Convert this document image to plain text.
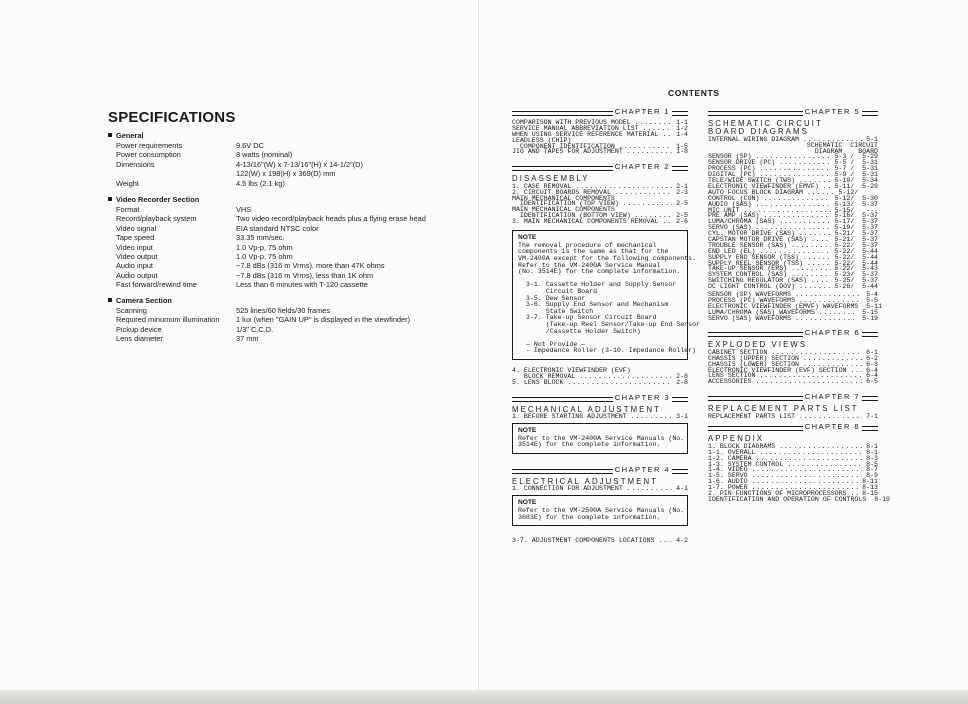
SPECIFICATIONS
General
Power requirements	9.6V DC
Power consumption	8 watts (nominal)
Dimensions	4-13/16"(W) x 7-13/16"(H) x 14-1/2"(D)
122(W) x 198(H) x 369(D) mm
Weight	4.5 lbs (2.1 kg)
Video Recorder Section
Format	VHS
Record/playback system	Two video record/playback heads plus a flying erase head
Video signal	EIA standard NTSC color
Tape speed	33.35 mm/sec.
Video input	1.0 Vp-p, 75 ohm
Video output	1.0 Vp-p, 75 ohm
Audio input	−7.8 dBs (316 m Vrms), more than 47K ohms
Audio output	−7.8 dBs (316 m Vrms), less than 1K ohm
Fast forward/rewind time	Less than 6 minutes with T-120 cassette
Camera Section
Scanning	525 lines/60 fields/30 frames
Required minumum illumination	1 lux (when "GAIN UP" is displayed in the viewfinder)
Pickup device	1/3" C.C.D.
Lens diameter	37 mm
CONTENTS
CHAPTER 1
COMPARISON WITH PREVIOUS MODEL . . .	1-1
SERVICE MANUAL ABBREVIATION LIST . . .	1-2
WHEN USING SERVICE REFERENCE MATERIAL . . . 1-4
LEADLESS (CHIP)
COMPONENT IDENTIFICATION . . .	1-5
JIG AND TAPES FOR ADJUSTMENT . . .	1-8
CHAPTER 2
DISASSEMBLY
1. CASE REMOVAL . . .	2-1
2. CIRCUIT BOARDS REMOVAL . . .	2-3
MAIN MECHANICAL COMPONENTS
IDENTIFICATION (TOP VIEW) . . .	2-5
MAIN MECHANICAL COMPONENTS
IDENTIFICATION (BOTTOM VIEW) . . .	2-5
3. MAIN MECHANICAL COMPONENTS REMOVAL . . . 2-6
NOTE
The removal procedure of mechanical
components is the same as that for the
VM-2400A except for the following components.
Refer to the VM-2400A Service Manual
(No. 3514E) for the complete information.

3-1. Cassette Holder and Supply Sensor
Circuit Board
3-5. Dew Sensor
3-6. Supply End Sensor and Mechanism
State Switch
3-7. Take-up Sensor Circuit Board
(Take-up Reel Sensor/Take-up End Sensor
/Cassette Holder Switch)

— Not Provide —
- Impedance Roller (3-10. Impedance Roller)
4. ELECTRONIC VIEWFINDER (EVF)
BLOCK REMOVAL . . .	2-8
5. LENS BLOCK . . .	2-8
CHAPTER 3
MECHANICAL ADJUSTMENT
1. BEFORE STARTING ADJUSTMENT . . .	3-1
NOTE
Refer to the VM-2400A Service Manuals (No.
3514E) for the complete information.
CHAPTER 4
ELECTRICAL ADJUSTMENT
1. CONNECTION FOR ADJUSTMENT . . .	4-1
NOTE
Refer to the VM-2500A Service Manuals (No.
3683E) for the complete information.
3-7. ADJUSTMENT COMPONENTS LOCATIONS . . . 4-2
CHAPTER 5
SCHEMATIC CIRCUIT
BOARD DIAGRAMS
INTERNAL WIRING DIAGRAM . . .	5-1
SCHEMATIC  CIRCUIT
DIAGRAM    BOARD
SENSOR (SP) . . .	5-3 /  5-29
SENSOR DRIVE (PC) . . .	5-5 /  5-31
PROCESS (PC) . . .	5-7 /  5-31
DIGITAL (PC) . . .	5-9 /  5-31
TELE/WIDE SWITCH (TWS) . . .	5-10/  5-34
ELECTRONIC VIEWFINDER (EMVF) . . . 5-11/  5-29
AUTO FOCUS BLOCK DIAGRAM . . .	5-12/
CONTROL (CON) . . .	5-12/  5-30
AUDIO (SAS) . . .	5-13/  5-37
MIC UNIT . . .	5-15/   ---
PRE AMP (SAS) . . .	5-16/  5-37
LUMA/CHROMA (SAS) . . .	5-17/  5-37
SERVO (SAS) . . .	5-19/  5-37
CYL. MOTOR DRIVE (SAS) . . .	5-21/  5-37
CAPSTAN MOTOR DRIVE (SAS) . . .	5-21/  5-37
TROUBLE SENSOR (SAS) . . .	5-22/  5-37
END LED (EL) . . .	5-22/  5-44
SUPPLY END SENSOR (TSS) . . .	5-22/  5-44
SUPPLY REEL SENSOR (TSS) . . .	5-22/  5-44
TAKE-UP SENSOR (ERS) . . .	5-22/  5-43
SYSTEM CONTROL (SAS) . . .	5-23/  5-37
SWITCHING REGULATOR (SAS) . . .	5-25/  5-37
DC LIGHT CONTROL (DOV) . . .	5-26/  5-44
SENSOR (SP) WAVEFORMS . . .	5-4
PROCESS (PC) WAVEFORMS . . .	5-5
ELECTRONIC VIEWFINDER (EMVF) WAVEFORMS 5-11
LUMA/CHROMA (SAS) WAVEFORMS . . .	5-15
SERVO (SAS) WAVEFORMS . . .	5-19
CHAPTER 6
EXPLODED VIEWS
CABINET SECTION . . .	6-1
CHASSIS (UPPER) SECTION . . .	6-2
CHASSIS (LOWER) SECTION . . .	6-3
ELECTRONIC VIEWFINDER (EVF) SECTION . . . 6-4
LENS SECTION . . .	6-4
ACCESSORIES . . .	6-5
CHAPTER 7
REPLACEMENT PARTS LIST
REPLACEMENT PARTS LIST . . .	7-1
CHAPTER 8
APPENDIX
1. BLOCK DIAGRAMS . . .	8-1
1-1. OVERALL . . .	8-1
1-2. CAMERA . . .	8-3
1-3. SYSTEM CONTROL . . .	8-5
1-4. VIDEO . . .	8-7
1-5. SERVO . . .	8-9
1-6. AUDIO . . .	8-11
1-7. POWER . . .	8-13
2. PIN FUNCTIONS OF MICROPROCESSORS . . . 8-15
IDENTIFICATION AND OPERATION OF CONTROLS 8-19
